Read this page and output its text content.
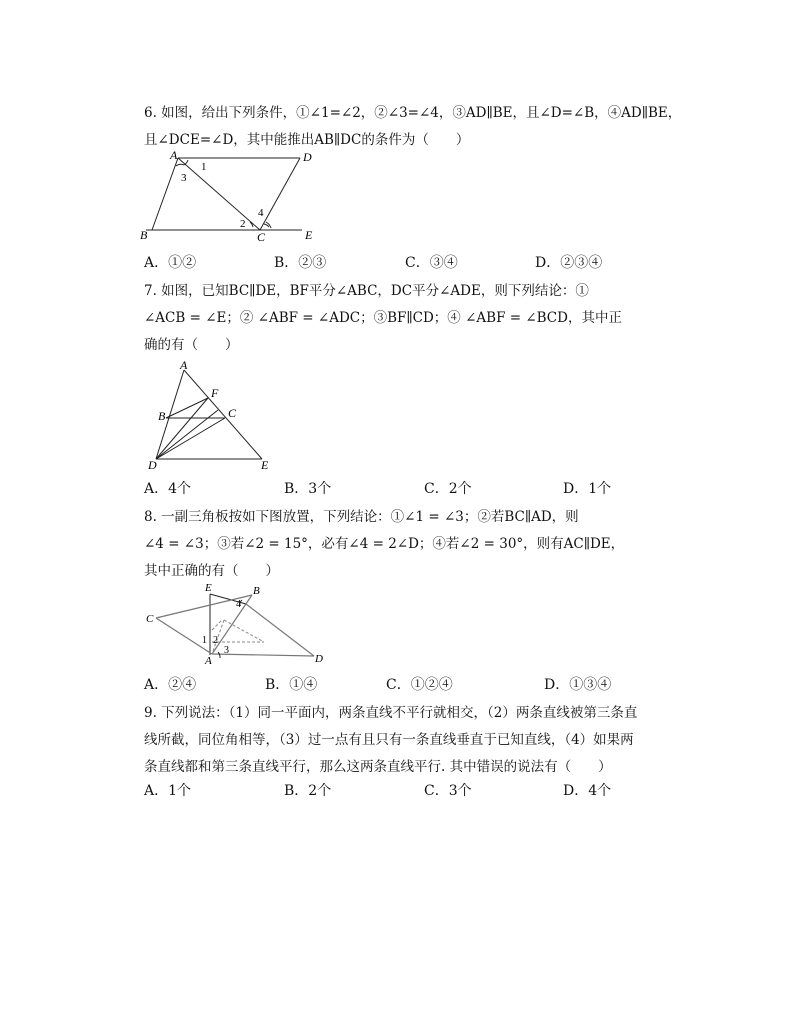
6. 如图，给出下列条件，①∠1=∠2，②∠3=∠4，③AD∥BE，且∠D=∠B，④AD∥BE，
且∠DCE=∠D，其中能推出AB∥DC的条件为（　　）
A	D
B	C	E
1
2
3
4
A．①②	B．②③	C．③④	D．②③④
7. 如图，已知BC∥DE，BF平分∠ABC，DC平分∠ADE，则下列结论：①
∠ACB = ∠E；② ∠ABF = ∠ADC；③BF∥CD；④ ∠ABF = ∠BCD，其中正
确的有（　　）
A
F
B	C
D	E
A．4个	B．3个	C．2个	D．1个
8. 一副三角板按如下图放置，下列结论：①∠1 = ∠3；②若BC∥AD，则
∠4 = ∠3；③若∠2 = 15°，必有∠4 = 2∠D；④若∠2 = 30°，则有AC∥DE，
其中正确的有（　　）
E	B
C
A	D
1 2
3
4
A．②④	B．①④	C．①②④	D．①③④
9. 下列说法：（1）同一平面内，两条直线不平行就相交，（2）两条直线被第三条直
线所截，同位角相等，（3）过一点有且只有一条直线垂直于已知直线，（4）如果两
条直线都和第三条直线平行，那么这两条直线平行. 其中错误的说法有（　　）
A．1个	B．2个	C．3个	D．4个
